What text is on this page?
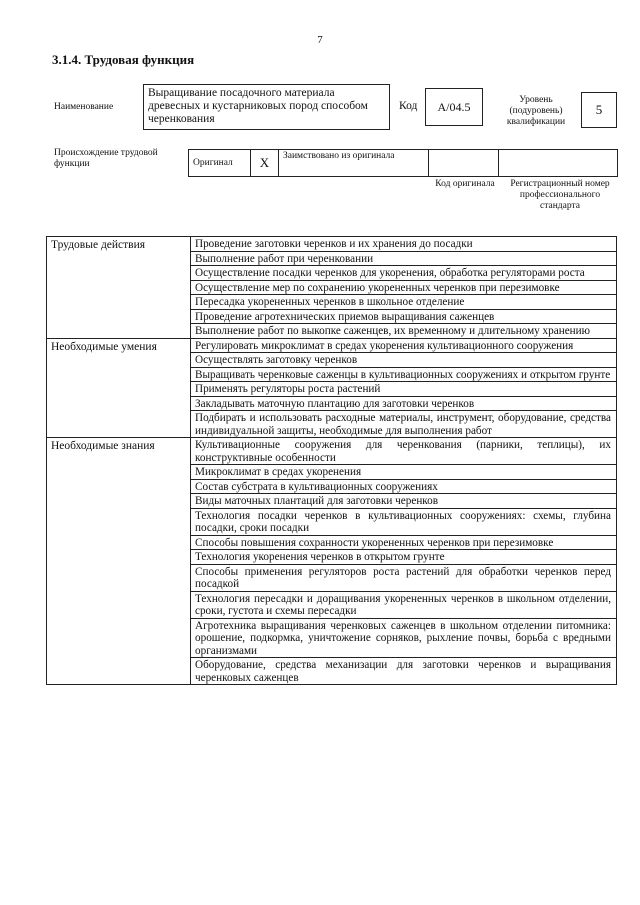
7
3.1.4. Трудовая функция
Наименование
Выращивание посадочного материала древесных и кустарниковых пород способом черенкования
Код	А/04.5	Уровень (подуровень) квалификации
5
Происхождение трудовой функции	Оригинал	X	Заимствовано из оригинала
Код оригинала	Регистрационный номер профессионального стандарта
Трудовые действия	Проведение заготовки черенков и их хранения до посадки
Выполнение работ при черенковании
Осуществление посадки черенков для укоренения, обработка регуляторами роста
Осуществление мер по сохранению укорененных черенков при перезимовке
Пересадка укорененных черенков в школьное отделение
Проведение агротехнических приемов выращивания саженцев
Выполнение работ по выкопке саженцев, их временному и длительному хранению
Необходимые умения	Регулировать микроклимат в средах укоренения культивационного сооружения
Осуществлять заготовку черенков
Выращивать черенковые саженцы в культивационных сооружениях и открытом грунте
Применять регуляторы роста растений
Закладывать маточную плантацию для заготовки черенков
Подбирать и использовать расходные материалы, инструмент, оборудование, средства индивидуальной защиты, необходимые для выполнения работ
Необходимые знания	Культивационные сооружения для черенкования (парники, теплицы), их конструктивные особенности
Микроклимат в средах укоренения
Состав субстрата в культивационных сооружениях
Виды маточных плантаций для заготовки черенков
Технология посадки черенков в культивационных сооружениях: схемы, глубина посадки, сроки посадки
Способы повышения сохранности укорененных черенков при перезимовке
Технология укоренения черенков в открытом грунте
Способы применения регуляторов роста растений для обработки черенков перед посадкой
Технология пересадки и доращивания укорененных черенков в школьном отделении, сроки, густота и схемы пересадки
Агротехника выращивания черенковых саженцев в школьном отделении питомника: орошение, подкормка, уничтожение сорняков, рыхление почвы, борьба с вредными организмами
Оборудование, средства механизации для заготовки черенков и выращивания черенковых саженцев
